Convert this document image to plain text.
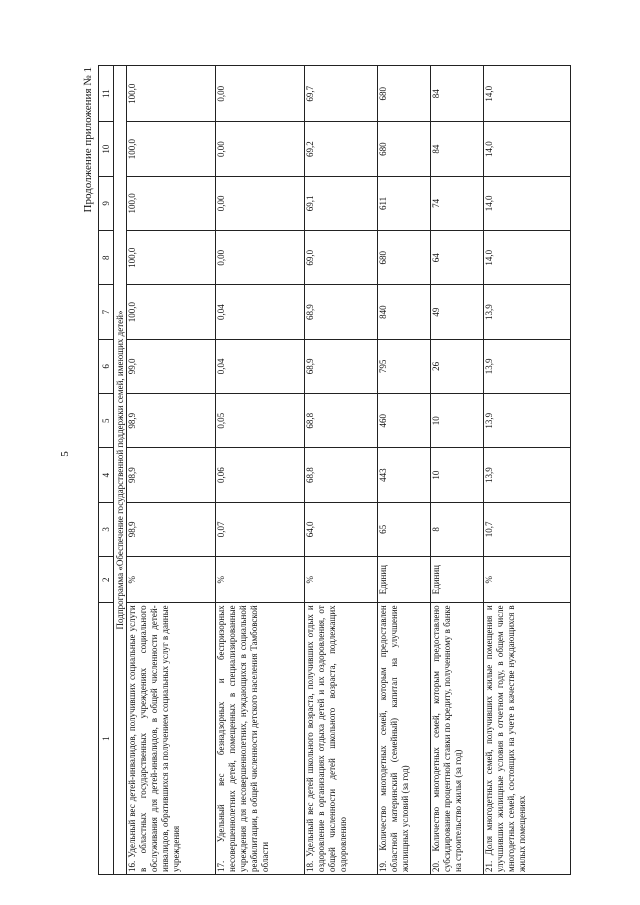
5
Продолжение приложения № 1
1	2	3	4	5	6	7	8	9	10	11
Подпрограмма «Обеспечение государственной поддержки семей, имеющих детей»										
16. Удельный вес детей-инвалидов, получивших социальные услуги в областных государственных учреждениях социального обслуживания для детей-инвалидов, в общей численности детей-инвалидов, обратившихся за получением социальных услуг в данные учреждения	%	98,9	98,9	98,9	99,0	100,0	100,0	100,0	100,0	100,0
17. Удельный вес безнадзорных и беспризорных несовершеннолетних детей, помещенных в специализированные учреждения для несовершеннолетних, нуждающихся в социальной реабилитации, в общей численности детского населения Тамбовской области	%	0,07	0,06	0,05	0,04	0,04	0,00	0,00	0,00	0,00
18. Удельный вес детей школьного возраста, получивших отдых и оздоровление в организациях отдыха детей и их оздоровления, от общей численности детей школьного возраста, подлежащих оздоровлению	%	64,0	68,8	68,8	68,9	68,9	69,0	69,1	69,2	69,7
19. Количество многодетных семей, которым предоставлен областной материнский (семейный) капитал на улучшение жилищных условий (за год)	Единиц	65	443	460	795	840	680	611	680	680
20. Количество многодетных семей, которым предоставлено субсидирование процентной ставки по кредиту, полученному в банке на строительство жилья (за год)	Единиц	8	10	10	26	49	64	74	84	84
21. Доля многодетных семей, получивших жилые помещения и улучшивших жилищные условия в отчетном году, в общем числе многодетных семей, состоящих на учете в качестве нуждающихся в жилых помещениях	%	10,7	13,9	13,9	13,9	13,9	14,0	14,0	14,0	14,0
